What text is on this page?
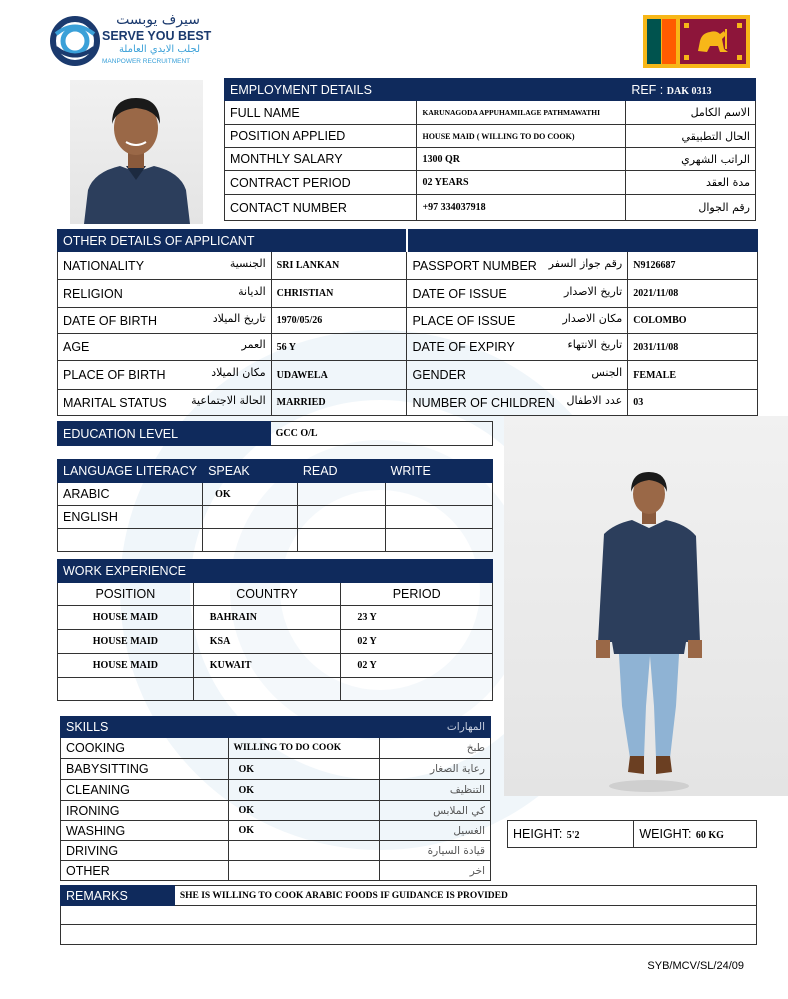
سيرف يوبست
SERVE YOU BEST
لجلب الايدي العاملة
MANPOWER RECRUITMENT
EMPLOYMENT DETAILS		REF : DAK 0313
FULL NAME	KARUNAGODA APPUHAMILAGE PATHMAWATHI	الاسم الكامل
POSITION APPLIED	HOUSE MAID ( WILLING TO DO COOK)	الحال التطبيقي
MONTHLY SALARY	1300 QR	الراتب الشهري
CONTRACT PERIOD	02 YEARS	مدة العقد
CONTACT NUMBER	+97 334037918	رقم الجوال
OTHER DETAILS OF APPLICANT			
NATIONALITY الجنسية	SRI LANKAN	PASSPORT NUMBER رقم جواز السفر	N9126687
RELIGION الديانة	CHRISTIAN	DATE OF ISSUE تاريخ الاصدار	2021/11/08
DATE OF BIRTH تاريخ الميلاد	1970/05/26	PLACE OF ISSUE مكان الاصدار	COLOMBO
AGE العمر	56 Y	DATE OF EXPIRY تاريخ الانتهاء	2031/11/08
PLACE OF BIRTH مكان الميلاد	UDAWELA	GENDER الجنس	FEMALE
MARITAL STATUS الحالة الاجتماعية	MARRIED	NUMBER OF CHILDREN عدد الاطفال	03
EDUCATION LEVEL	GCC O/L
LANGUAGE LITERACY	SPEAK	READ	WRITE
ARABIC	OK		
ENGLISH			

WORK EXPERIENCE		
POSITION	COUNTRY	PERIOD
HOUSE MAID	BAHRAIN	23 Y
HOUSE MAID	KSA	02 Y
HOUSE MAID	KUWAIT	02 Y

SKILLS		المهارات
COOKING	WILLING TO DO COOK	طبخ
BABYSITTING	OK	رعاية الصغار
CLEANING	OK	التنظيف
IRONING	OK	كي الملابس
WASHING	OK	الغسيل
DRIVING		قيادة السيارة
OTHER		اخر
HEIGHT: 5'2	WEIGHT: 60 KG
REMARKS	SHE IS WILLING TO COOK ARABIC FOODS IF GUIDANCE IS PROVIDED

SYB/MCV/SL/24/09
